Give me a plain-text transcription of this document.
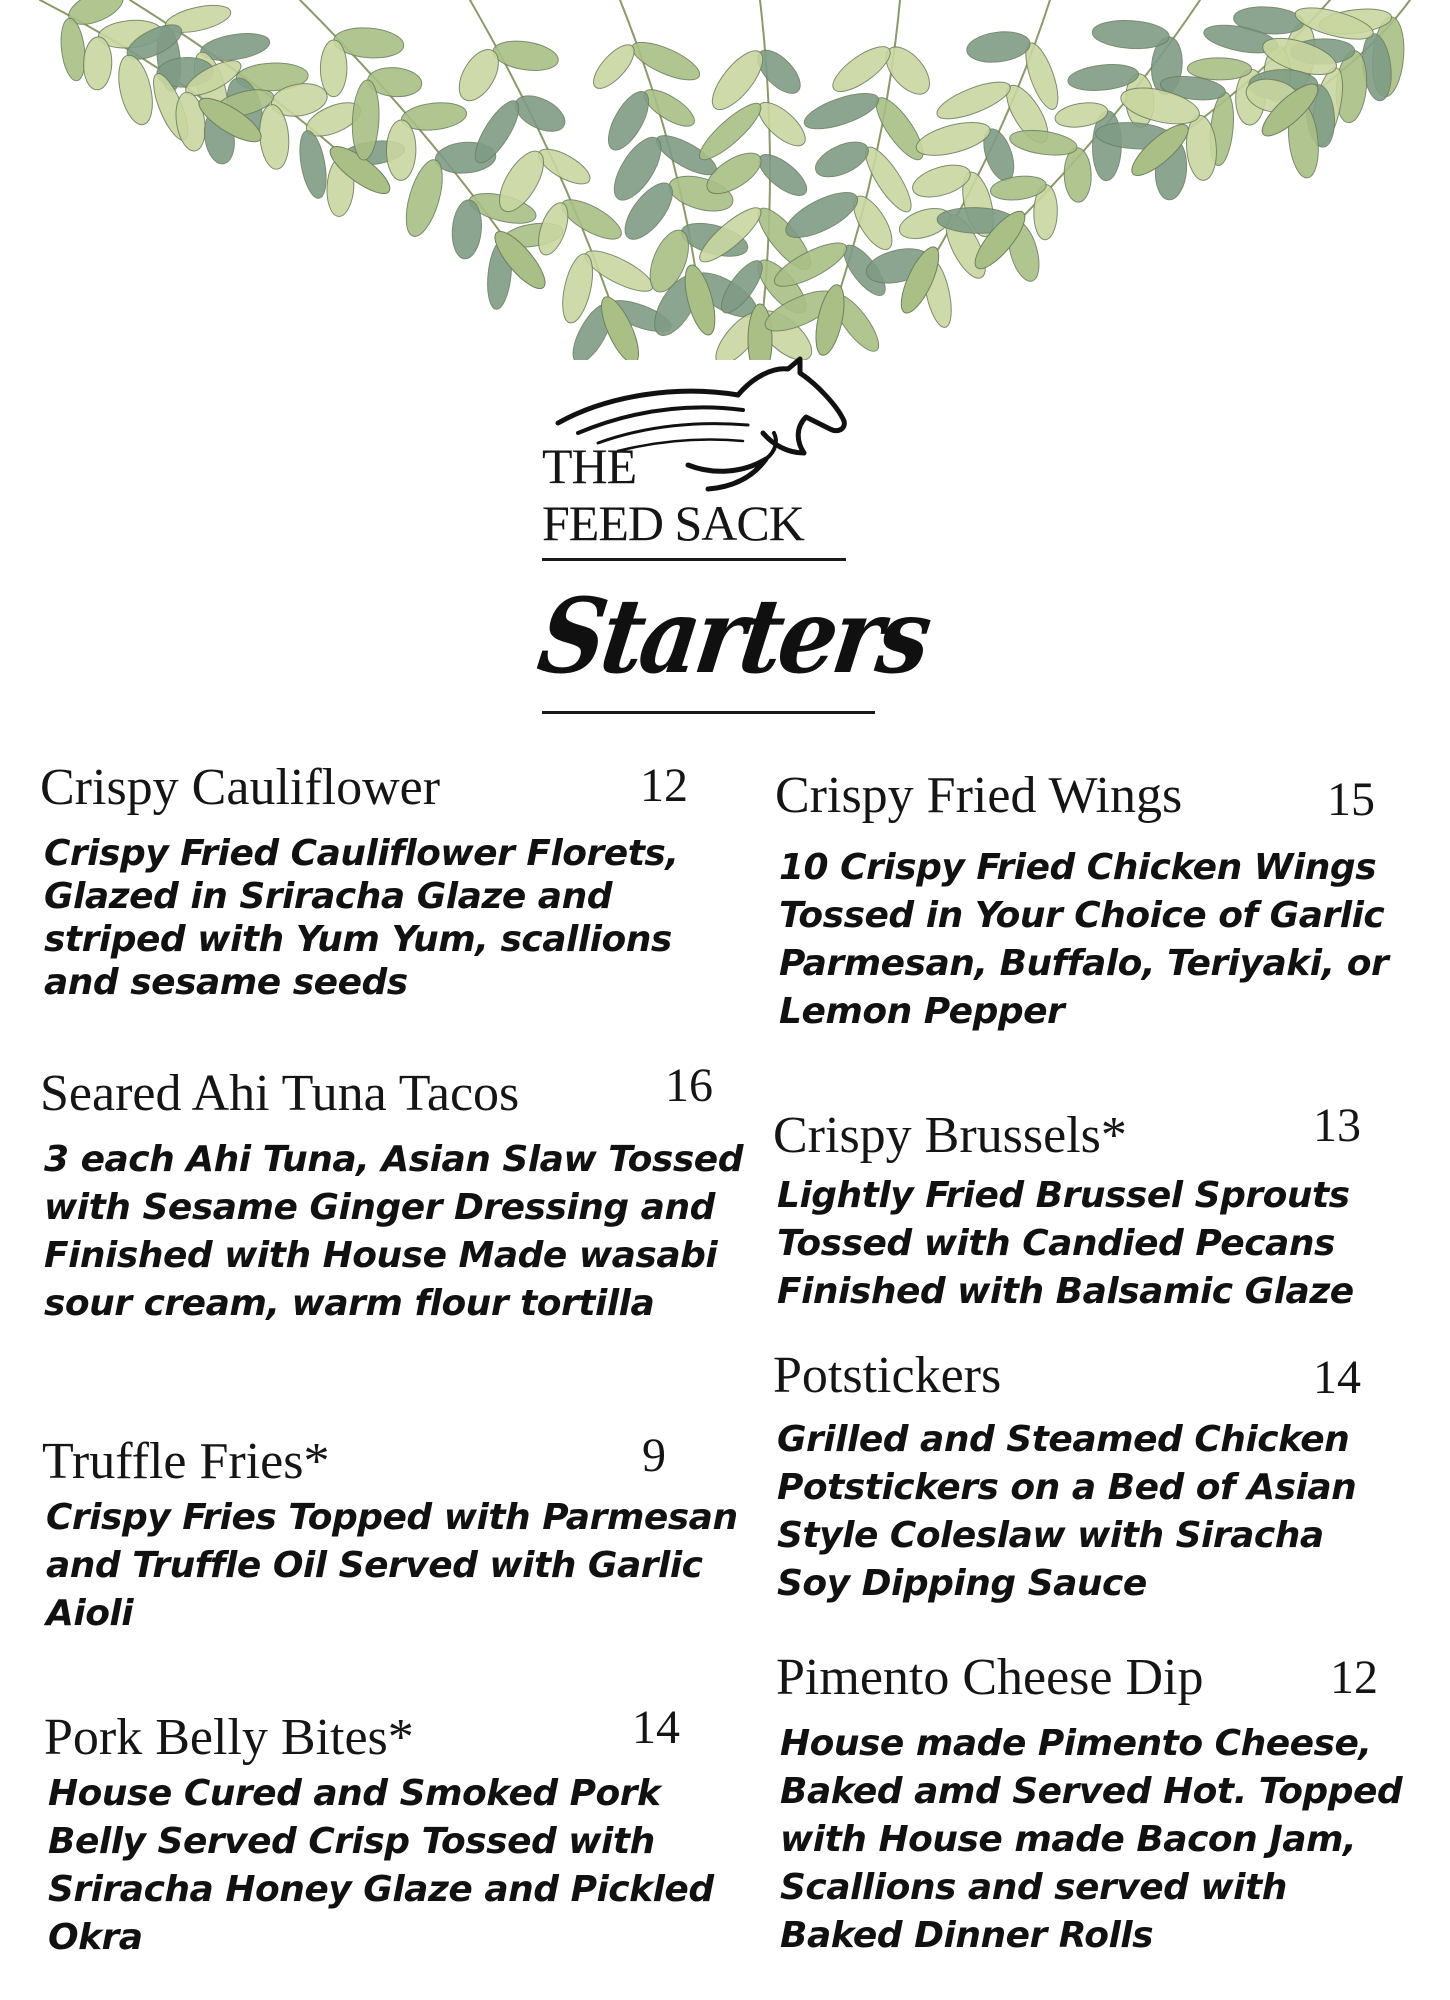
THE
FEED SACK
Starters
Crispy Cauliflower	12
Crispy Fried Cauliflower Florets, Glazed in Sriracha Glaze and striped with Yum Yum, scallions and sesame seeds
Seared Ahi Tuna Tacos	16
3 each Ahi Tuna, Asian Slaw Tossed with Sesame Ginger Dressing and Finished with House Made wasabi sour cream, warm flour tortilla
Truffle Fries*	9
Crispy Fries Topped with Parmesan and Truffle Oil Served with Garlic Aioli
Pork Belly Bites*	14
House Cured and Smoked Pork Belly Served Crisp Tossed with Sriracha Honey Glaze and Pickled Okra
Crispy Fried Wings	15
10 Crispy Fried Chicken Wings Tossed in Your Choice of Garlic Parmesan, Buffalo, Teriyaki, or Lemon Pepper
Crispy Brussels*	13
Lightly Fried Brussel Sprouts Tossed with Candied Pecans Finished with Balsamic Glaze
Potstickers	14
Grilled and Steamed Chicken Potstickers on a Bed of Asian Style Coleslaw with Siracha Soy Dipping Sauce
Pimento Cheese Dip	12
House made Pimento Cheese, Baked amd Served Hot. Topped with House made Bacon Jam, Scallions and served with Baked Dinner Rolls
